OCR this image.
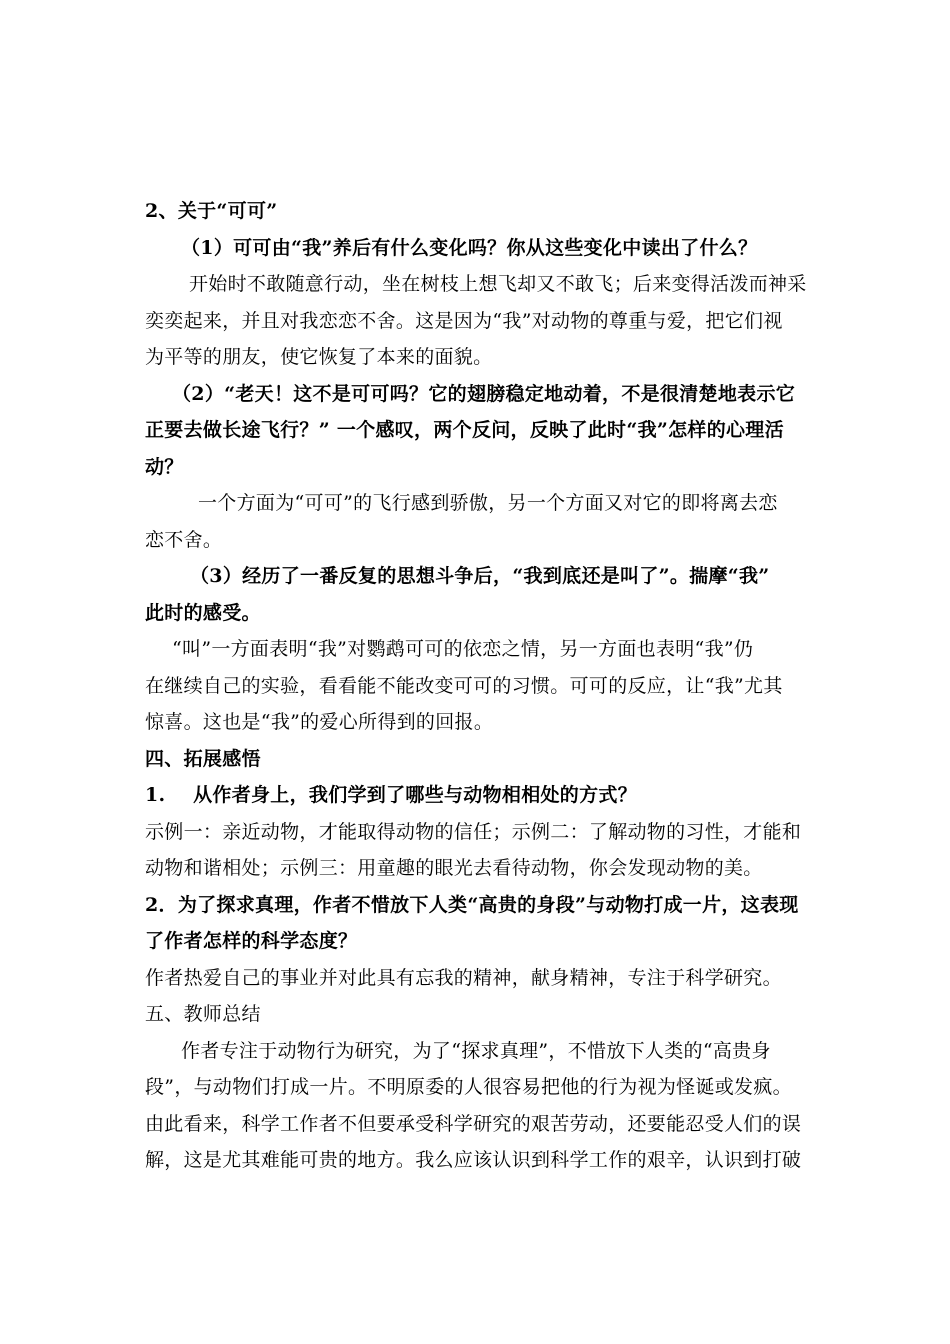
2、关于“可可”
（1）可可由“我”养后有什么变化吗？你从这些变化中读出了什么？
开始时不敢随意行动，坐在树枝上想飞却又不敢飞；后来变得活泼而神采
奕奕起来，并且对我恋恋不舍。这是因为“我”对动物的尊重与爱，把它们视
为平等的朋友，使它恢复了本来的面貌。
（2）“老天！这不是可可吗？它的翅膀稳定地动着，不是很清楚地表示它
正要去做长途飞行？” 一个感叹，两个反问，反映了此时“我”怎样的心理活
动？
一个方面为“可可”的飞行感到骄傲，另一个方面又对它的即将离去恋
恋不舍。
（3）经历了一番反复的思想斗争后，“我到底还是叫了”。揣摩“我”
此时的感受。
“叫”一方面表明“我”对鹦鹉可可的依恋之情，另一方面也表明“我”仍
在继续自己的实验，看看能不能改变可可的习惯。可可的反应，让“我”尤其
惊喜。这也是“我”的爱心所得到的回报。
四、拓展感悟
1.    从作者身上，我们学到了哪些与动物相相处的方式？
示例一：亲近动物，才能取得动物的信任；示例二：了解动物的习性，才能和
动物和谐相处；示例三：用童趣的眼光去看待动物，你会发现动物的美。
2．为了探求真理，作者不惜放下人类“高贵的身段”与动物打成一片，这表现
了作者怎样的科学态度？
作者热爱自己的事业并对此具有忘我的精神，献身精神，专注于科学研究。
五、教师总结
作者专注于动物行为研究，为了“探求真理”，不惜放下人类的“高贵身
段”，与动物们打成一片。不明原委的人很容易把他的行为视为怪诞或发疯。
由此看来，科学工作者不但要承受科学研究的艰苦劳动，还要能忍受人们的误
解，这是尤其难能可贵的地方。我么应该认识到科学工作的艰辛，认识到打破
